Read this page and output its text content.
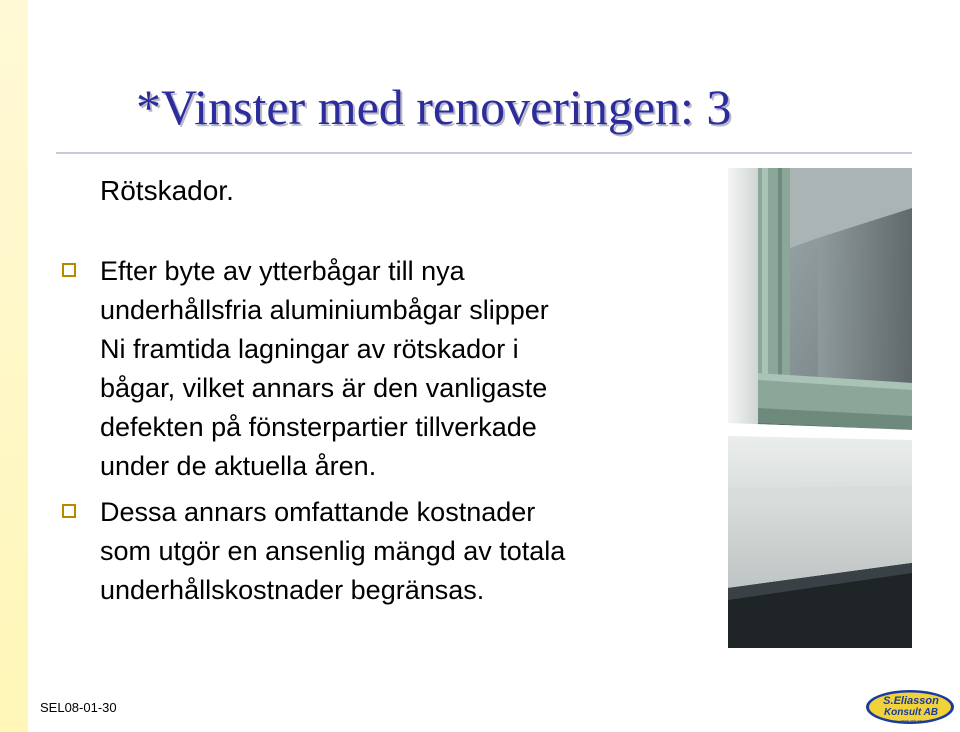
*Vinster med renoveringen: 3
Rötskador.
Efter byte av ytterbågar till nya
underhållsfria aluminiumbågar slipper
Ni framtida lagningar av rötskador i
bågar, vilket annars är den vanligaste
defekten på fönsterpartier tillverkade
under de aktuella åren.
Dessa annars omfattande kostnader
som utgör en ansenlig mängd av totala
underhållskostnader begränsas.
SEL08-01-30	S.Eliasson
Konsult AB
www.sek.se
